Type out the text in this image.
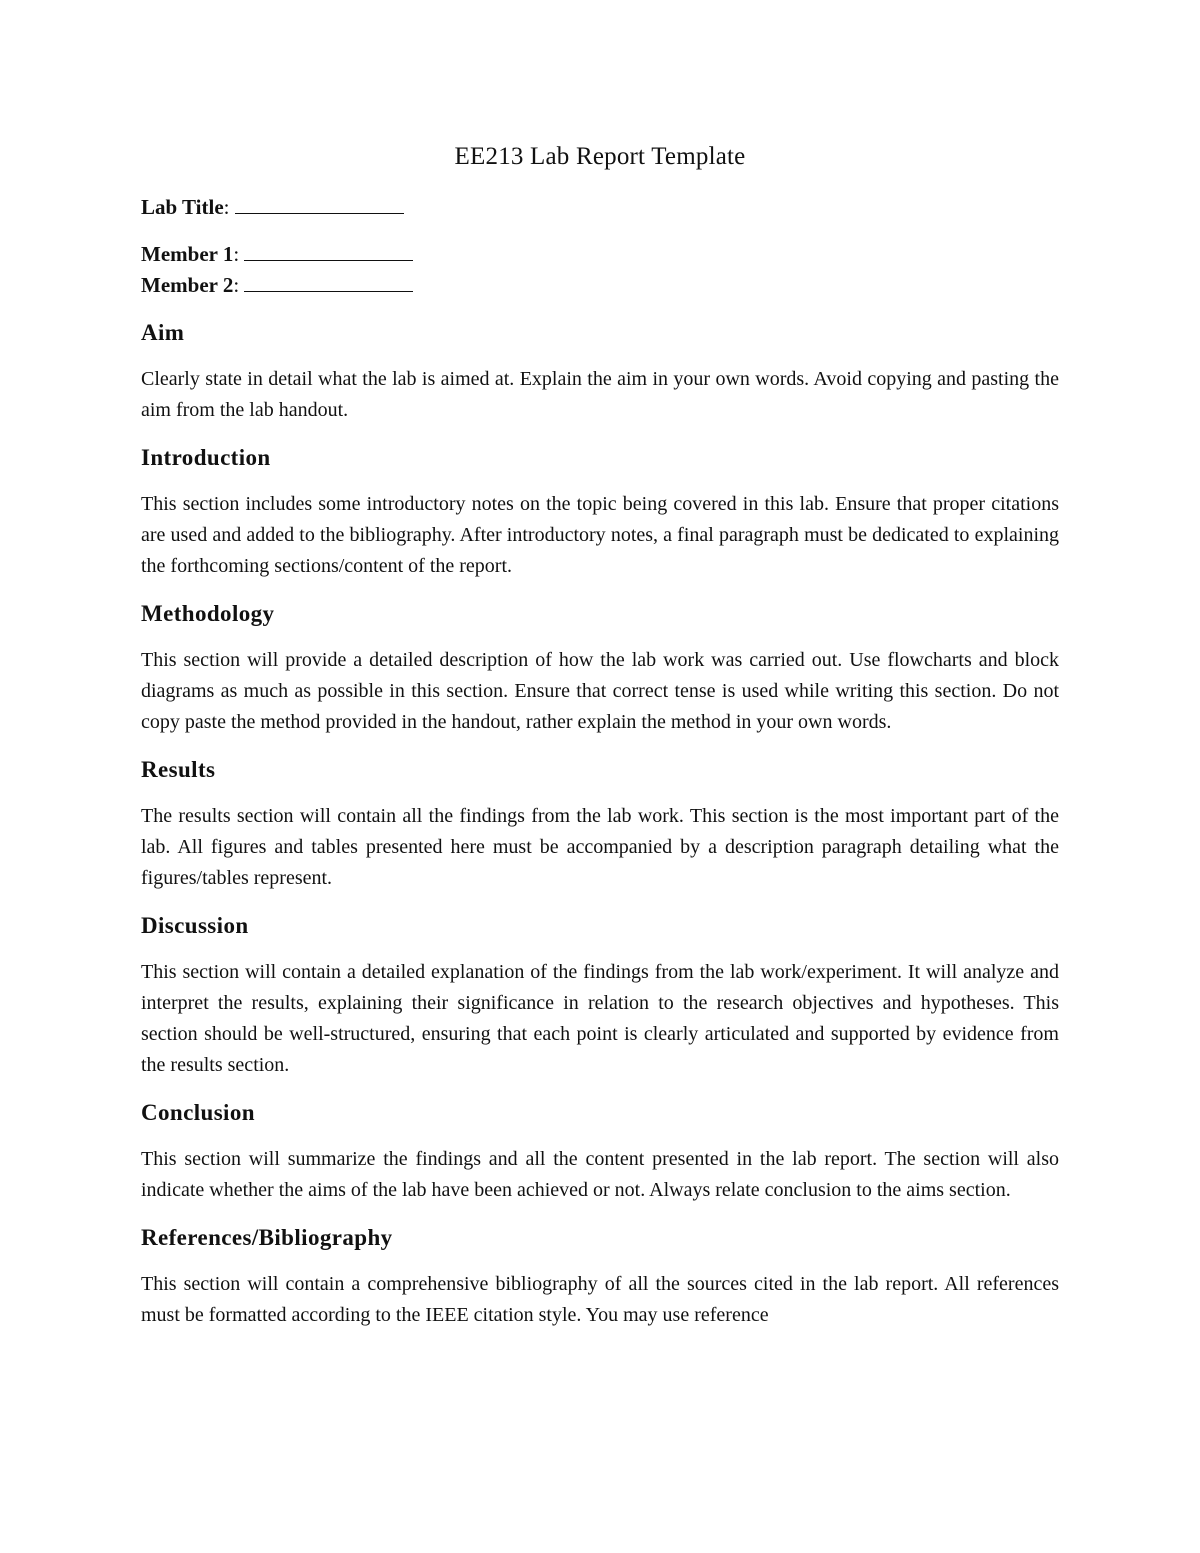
EE213 Lab Report Template
Lab Title :
Member 1 :
Member 2 :
Aim

Clearly state in detail what the lab is aimed at. Explain the aim in your own words. Avoid copying and pasting the aim from the lab handout.

Introduction

This section includes some introductory notes on the topic being covered in this lab. Ensure that proper citations are used and added to the bibliography. After introductory notes, a final paragraph must be dedicated to explaining the forthcoming sections/content of the report.

Methodology

This section will provide a detailed description of how the lab work was carried out. Use flowcharts and block diagrams as much as possible in this section. Ensure that correct tense is used while writing this section. Do not copy paste the method provided in the handout, rather explain the method in your own words.

Results

The results section will contain all the findings from the lab work. This section is the most important part of the lab. All figures and tables presented here must be accompanied by a description paragraph detailing what the figures/tables represent.

Discussion

This section will contain a detailed explanation of the findings from the lab work/experiment. It will analyze and interpret the results, explaining their significance in relation to the research objectives and hypotheses. This section should be well-structured, ensuring that each point is clearly articulated and supported by evidence from the results section.

Conclusion

This section will summarize the findings and all the content presented in the lab report. The section will also indicate whether the aims of the lab have been achieved or not. Always relate conclusion to the aims section.

References/Bibliography

This section will contain a comprehensive bibliography of all the sources cited in the lab report. All references must be formatted according to the IEEE citation style. You may use reference
